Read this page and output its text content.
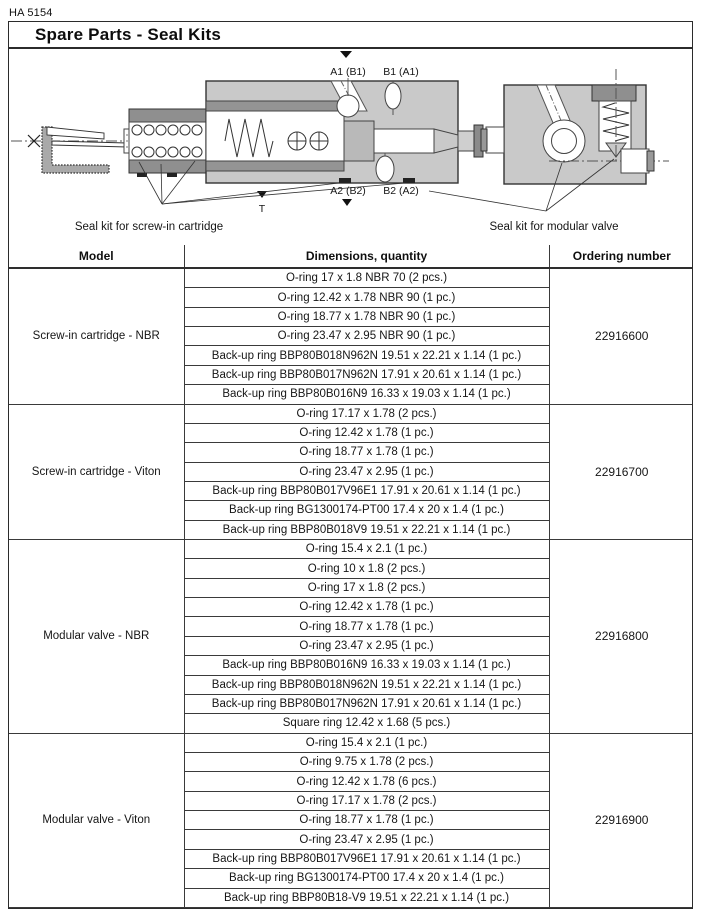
HA 5154
Spare Parts - Seal Kits
A1 (B1) B1 (A1)
A2 (B2) B2 (A2)
T
Seal kit for screw-in cartridge	Seal kit for modular valve
Model	Dimensions, quantity	Ordering number
Screw-in cartridge - NBR	O-ring 17 x 1.8 NBR 70 (2 pcs.)	22916600
	O-ring 12.42 x 1.78 NBR 90 (1 pc.)	
	O-ring 18.77 x 1.78 NBR 90 (1 pc.)	
	O-ring 23.47 x 2.95 NBR 90 (1 pc.)	
	Back-up ring BBP80B018N962N 19.51 x 22.21 x 1.14 (1 pc.)	
	Back-up ring BBP80B017N962N 17.91 x 20.61 x 1.14 (1 pc.)	
	Back-up ring BBP80B016N9 16.33 x 19.03 x 1.14 (1 pc.)	
Screw-in cartridge - Viton	O-ring 17.17 x 1.78 (2 pcs.)	22916700
	O-ring 12.42 x 1.78 (1 pc.)	
	O-ring 18.77 x 1.78 (1 pc.)	
	O-ring 23.47 x 2.95 (1 pc.)	
	Back-up ring BBP80B017V96E1 17.91 x 20.61 x 1.14 (1 pc.)	
	Back-up ring BG1300174-PT00 17.4 x 20 x 1.4 (1 pc.)	
	Back-up ring BBP80B018V9 19.51 x 22.21 x 1.14 (1 pc.)	
Modular valve - NBR	O-ring 15.4 x 2.1 (1 pc.)	22916800
	O-ring 10 x 1.8 (2 pcs.)	
	O-ring 17 x 1.8 (2 pcs.)	
	O-ring 12.42 x 1.78 (1 pc.)	
	O-ring 18.77 x 1.78 (1 pc.)	
	O-ring 23.47 x 2.95 (1 pc.)	
	Back-up ring BBP80B016N9 16.33 x 19.03 x 1.14 (1 pc.)	
	Back-up ring BBP80B018N962N 19.51 x 22.21 x 1.14 (1 pc.)	
	Back-up ring BBP80B017N962N 17.91 x 20.61 x 1.14 (1 pc.)	
	Square ring 12.42 x 1.68 (5 pcs.)	
Modular valve - Viton	O-ring 15.4 x 2.1 (1 pc.)	22916900
	O-ring 9.75 x 1.78 (2 pcs.)	
	O-ring 12.42 x 1.78 (6 pcs.)	
	O-ring 17.17 x 1.78 (2 pcs.)	
	O-ring 18.77 x 1.78 (1 pc.)	
	O-ring 23.47 x 2.95 (1 pc.)	
	Back-up ring BBP80B017V96E1 17.91 x 20.61 x 1.14 (1 pc.)	
	Back-up ring BG1300174-PT00 17.4 x 20 x 1.4 (1 pc.)	
	Back-up ring BBP80B18-V9 19.51 x 22.21 x 1.14 (1 pc.)	
